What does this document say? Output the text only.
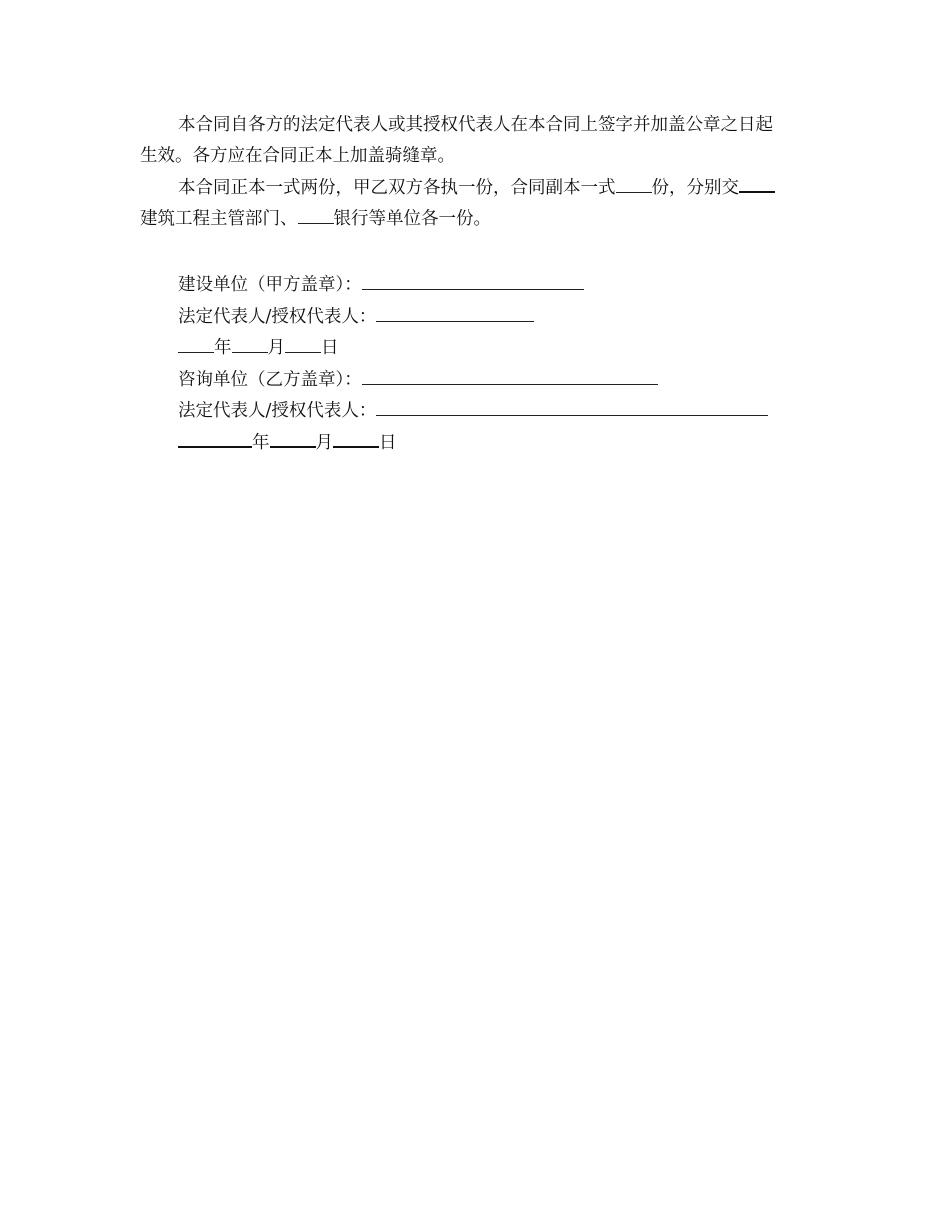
本合同自各方的法定代表人或其授权代表人在本合同上签字并加盖公章之日起
生效。各方应在合同正本上加盖骑缝章。
本合同正本一式两份，甲乙双方各执一份，合同副本一式 份，分别交
建筑工程主管部门、 银行等单位各一份。
建设单位（甲方盖章）：
法定代表人/授权代表人：
年 月 日
咨询单位（乙方盖章）：
法定代表人/授权代表人：
年	月	日
